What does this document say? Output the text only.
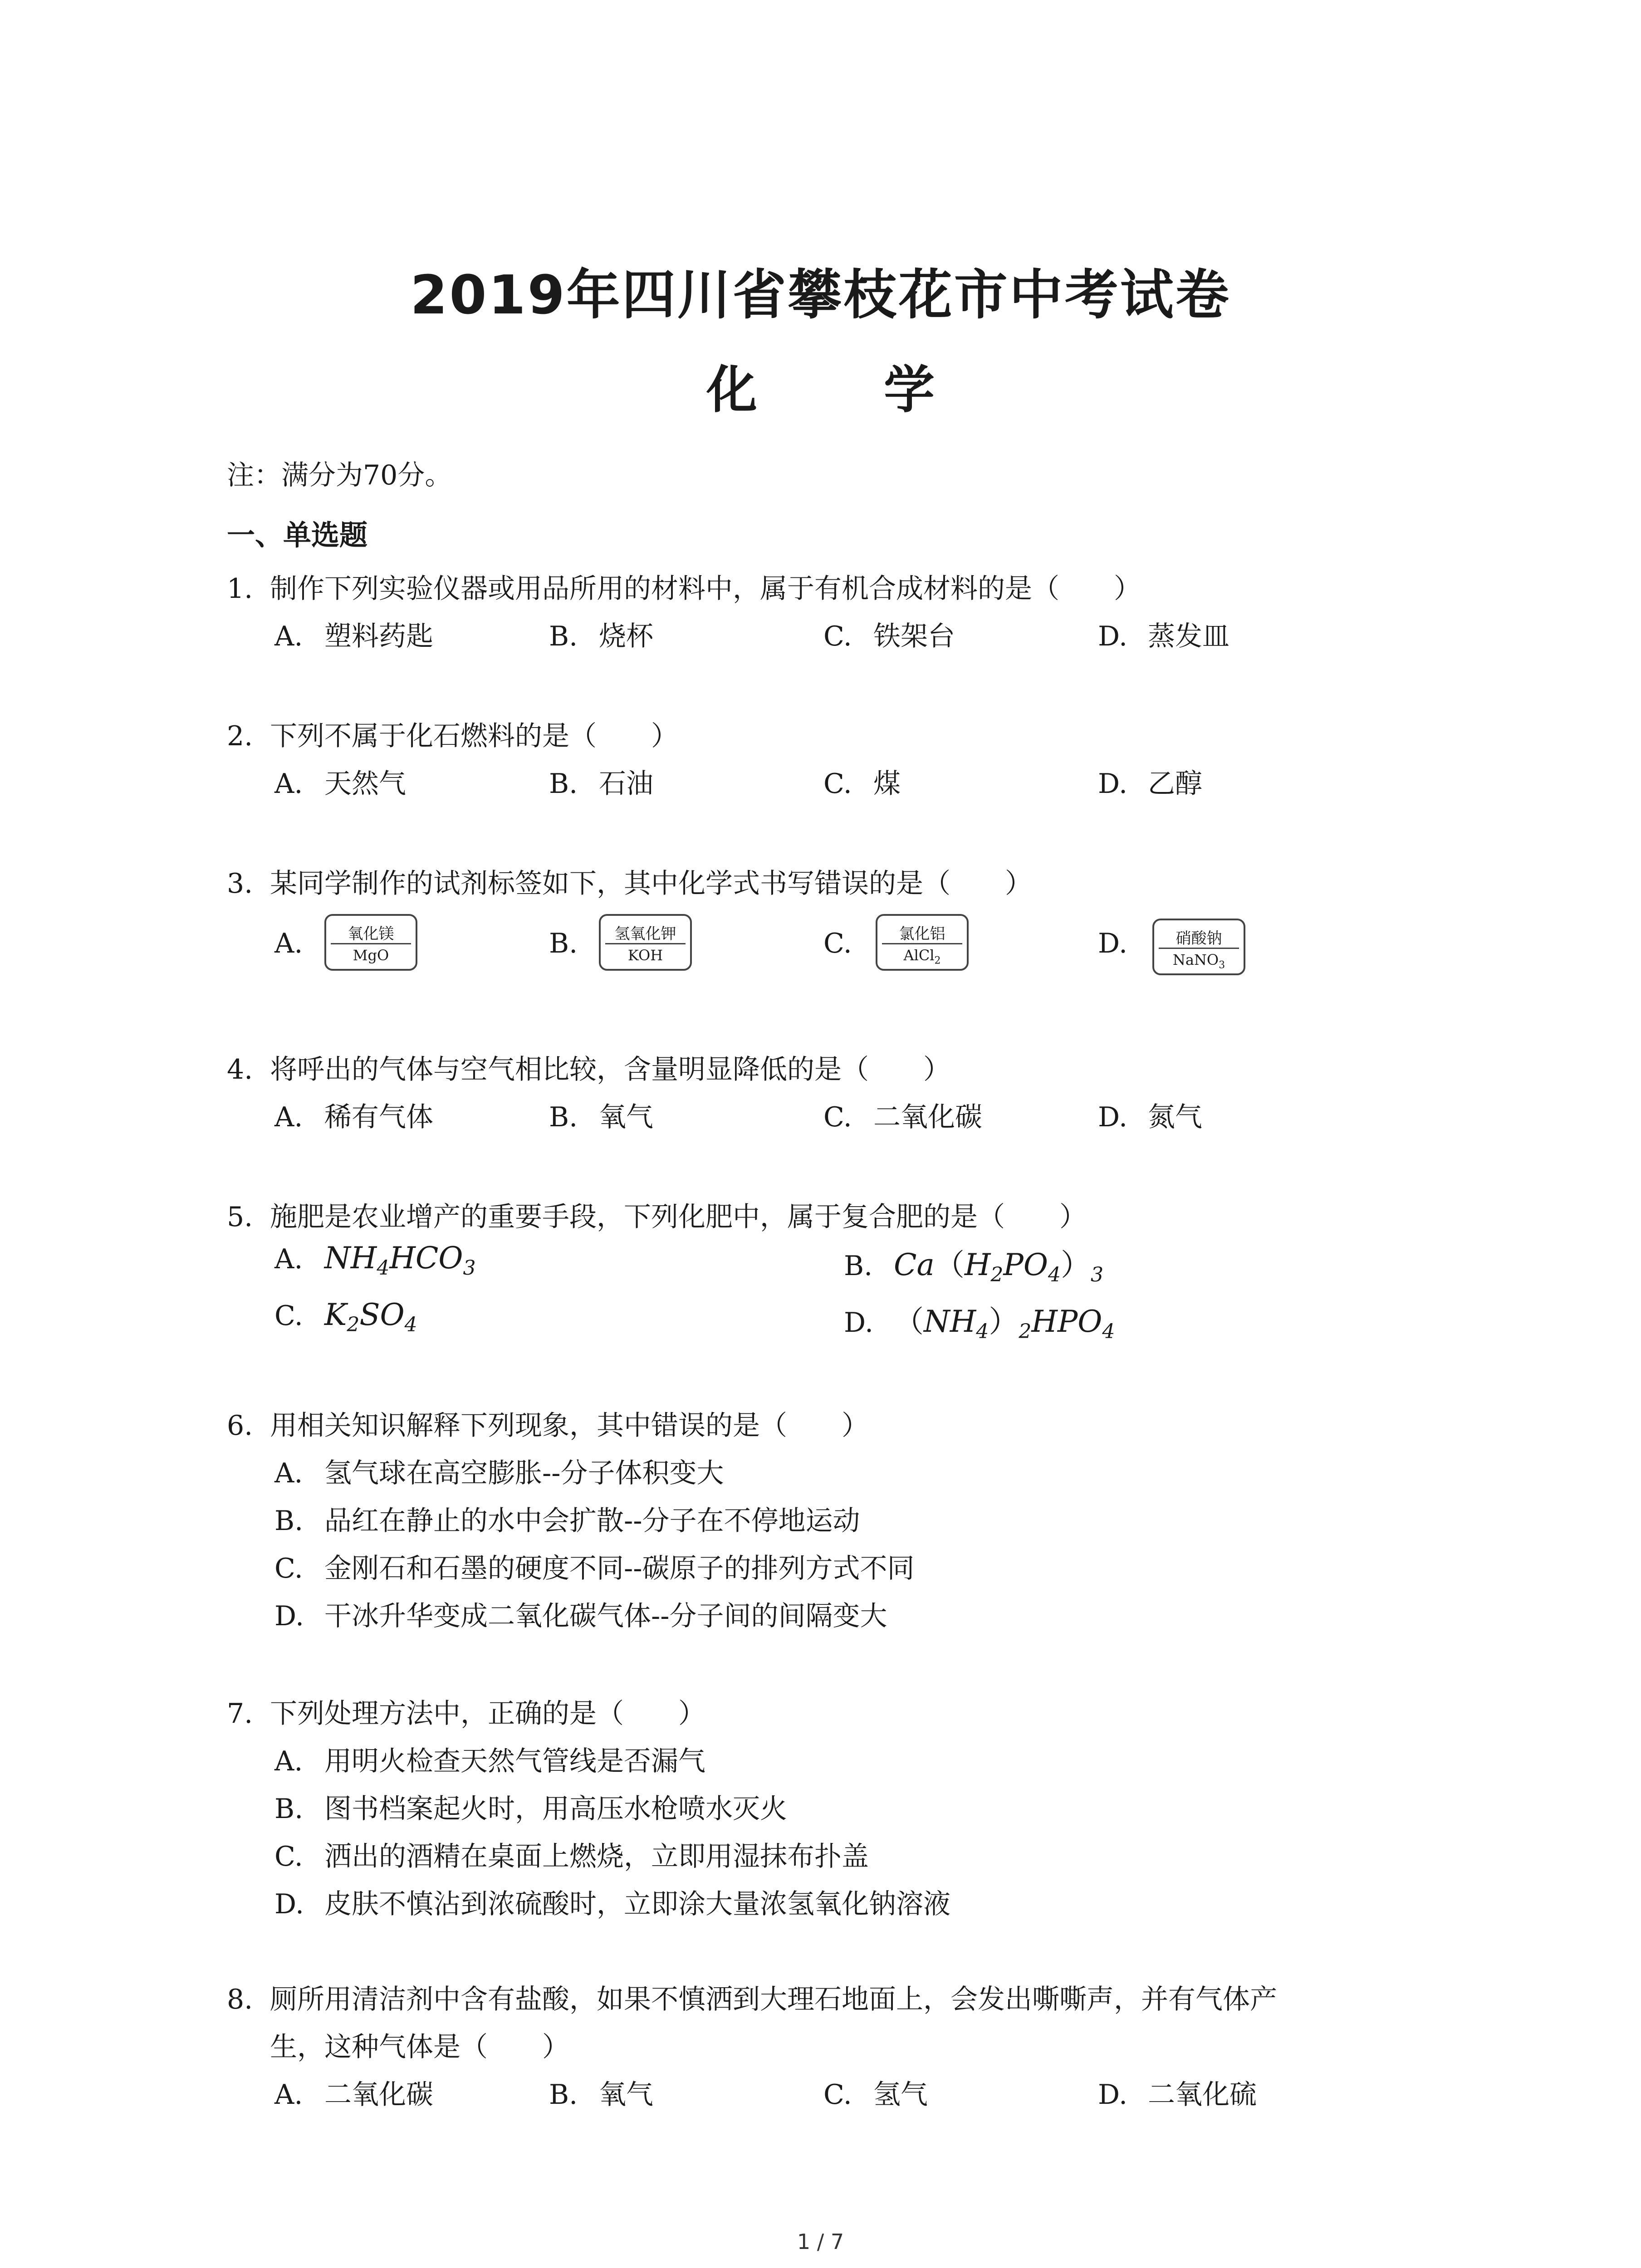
2019年四川省攀枝花市中考试卷
化 学
注：满分为70分。
一、单选题
1. 制作下列实验仪器或用品所用的材料中，属于有机合成材料的是（　　）
A. 塑料药匙	B. 烧杯	C. 铁架台	D. 蒸发皿
2. 下列不属于化石燃料的是（　　）
A. 天然气	B. 石油	C. 煤	D. 乙醇
3. 某同学制作的试剂标签如下，其中化学式书写错误的是（　　）
A.	氧化镁
MgO	B.	氢氧化钾
KOH	C.	氯化铝
AlCl$_2$
D.	硝酸钠
NaNO$_3$
4. 将呼出的气体与空气相比较，含量明显降低的是（　　）
A. 稀有气体	B. 氧气	C. 二氧化碳	D. 氮气
5. 施肥是农业增产的重要手段，下列化肥中，属于复合肥的是（　　）
A. $NH_4HCO_3$	B. $Ca(H_2PO_4)_3$
C. $K_2SO_4$	D. $(NH_4)_2HPO_4$
6. 用相关知识解释下列现象，其中错误的是（　　）
A. 氢气球在高空膨胀--分子体积变大
B. 品红在静止的水中会扩散--分子在不停地运动
C. 金刚石和石墨的硬度不同--碳原子的排列方式不同
D. 干冰升华变成二氧化碳气体--分子间的间隔变大
7. 下列处理方法中，正确的是（　　）
A. 用明火检查天然气管线是否漏气
B. 图书档案起火时，用高压水枪喷水灭火
C. 洒出的酒精在桌面上燃烧，立即用湿抹布扑盖
D. 皮肤不慎沾到浓硫酸时，立即涂大量浓氢氧化钠溶液
8. 厕所用清洁剂中含有盐酸，如果不慎洒到大理石地面上，会发出嘶嘶声，并有气体产
生，这种气体是（　　）
A. 二氧化碳	B. 氧气	C. 氢气	D. 二氧化硫
1 / 7
